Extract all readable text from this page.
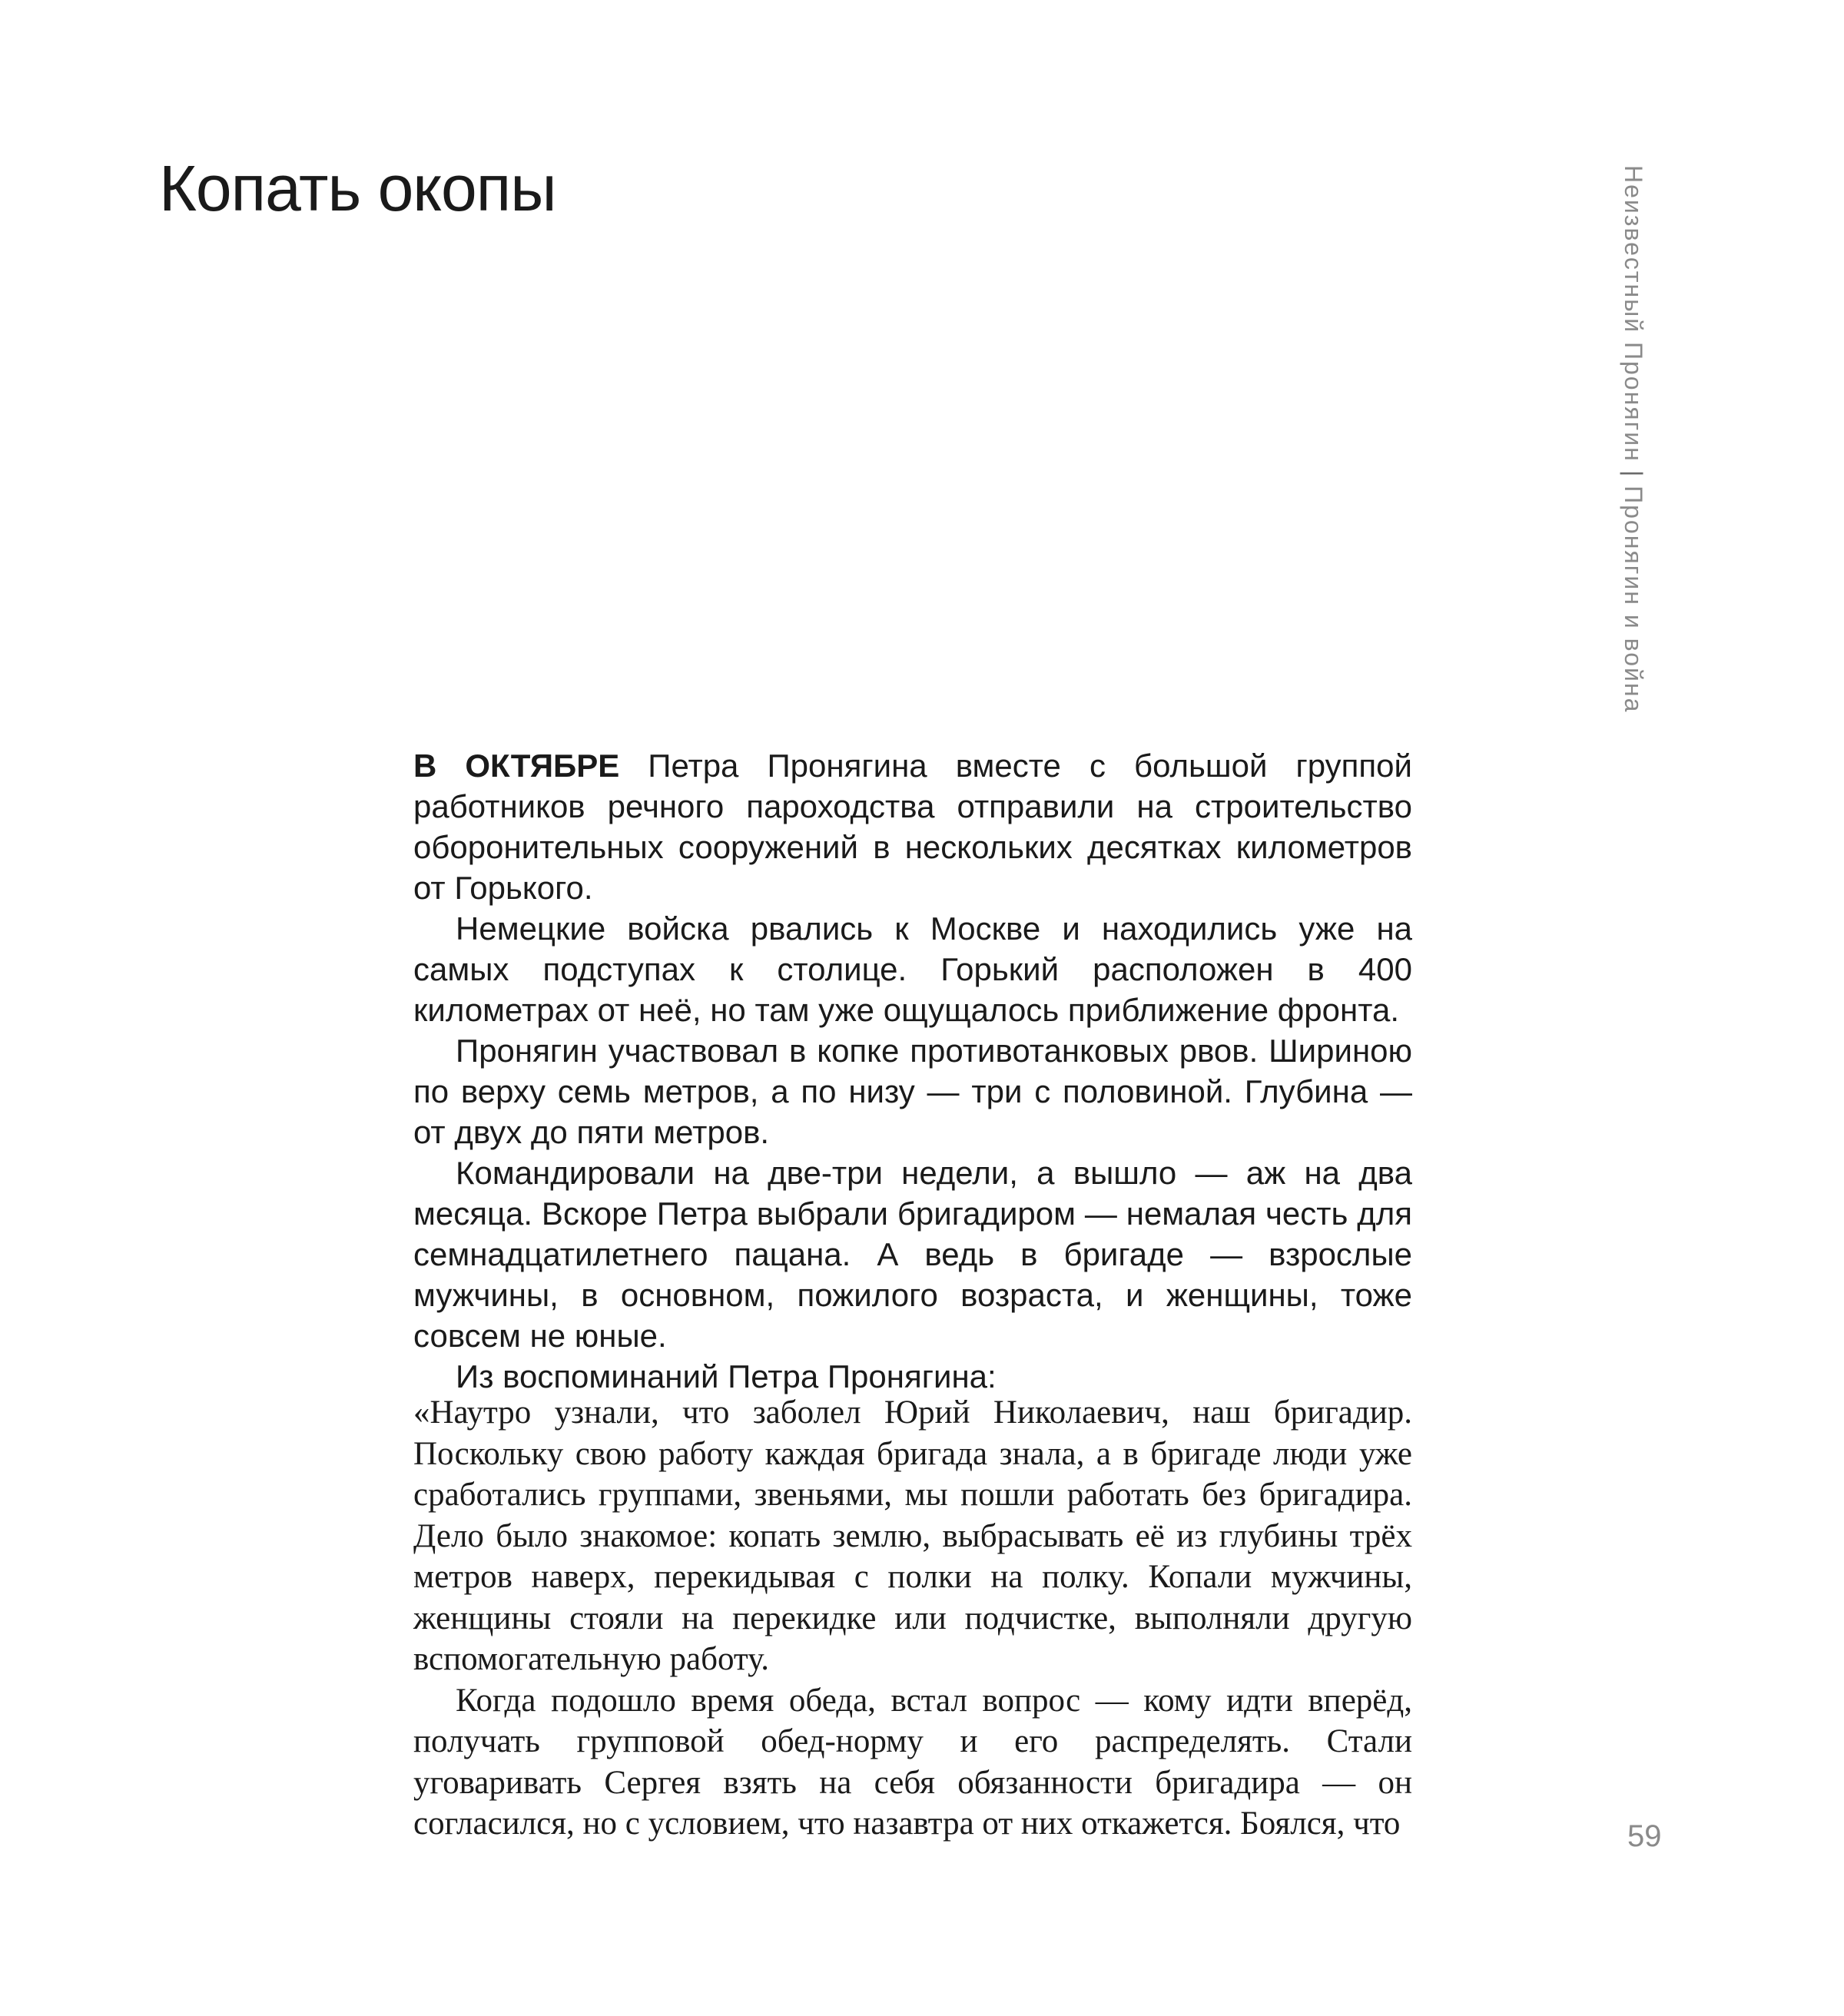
Копать окопы	Неизвестный Пронягин|Пронягин и война

В ОКТЯБРЕ Петра Пронягина вместе с большой группой работников речного пароходства отправили на строительство оборонительных сооружений в нескольких десятках километров от Горького.

Немецкие войска рвались к Москве и находились уже на самых подступах к столице. Горький расположен в 400 километрах от неё, но там уже ощущалось приближение фронта.

Пронягин участвовал в копке противотанковых рвов. Шириною по верху семь метров, а по низу — три с половиной. Глубина — от двух до пяти метров.

Командировали на две-три недели, а вышло — аж на два месяца. Вскоре Петра выбрали бригадиром — немалая честь для семнадцатилетнего пацана. А ведь в бригаде — взрослые мужчины, в основном, пожилого возраста, и женщины, тоже совсем не юные.

Из воспоминаний Петра Пронягина:

«Наутро узнали, что заболел Юрий Николаевич, наш бригадир. Поскольку свою работу каждая бригада знала, а в бригаде люди уже сработались группами, звеньями, мы пошли работать без бригадира. Дело было знакомое: копать землю, выбрасывать её из глубины трёх метров наверх, перекидывая с полки на полку. Копали мужчины, женщины стояли на перекидке или подчистке, выполняли другую вспомогательную работу.

Когда подошло время обеда, встал вопрос — кому идти вперёд, получать групповой обед-норму и его распределять. Стали уговаривать Сергея взять на себя обязанности бригадира — он согласился, но с условием, что назавтра от них откажется. Боялся, что	59
